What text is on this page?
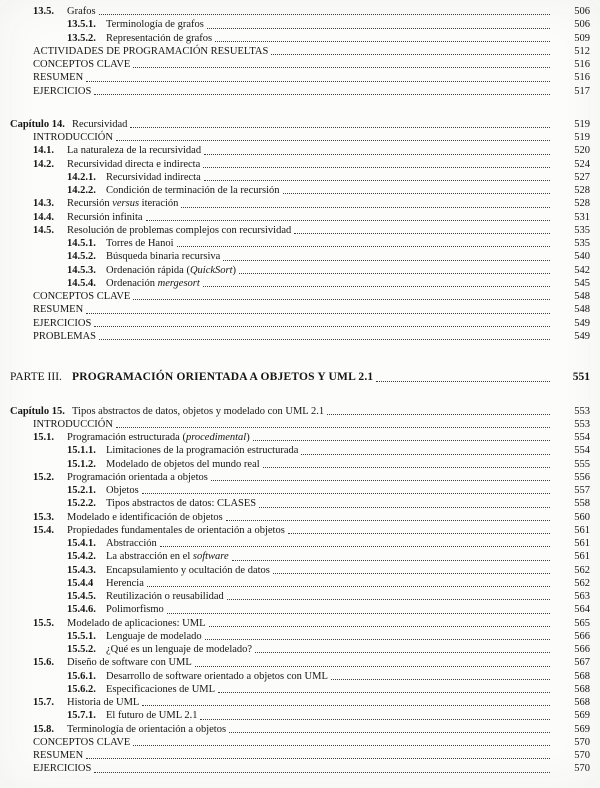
13.5.	Grafos	506
13.5.1. Terminología de grafos	506
13.5.2. Representación de grafos	509
ACTIVIDADES DE PROGRAMACIÓN RESUELTAS	512
CONCEPTOS CLAVE	516
RESUMEN	516
EJERCICIOS	517
Capítulo 14. Recursividad	519
INTRODUCCIÓN	519
14.1.	La naturaleza de la recursividad	520
14.2.	Recursividad directa e indirecta	524
14.2.1. Recursividad indirecta	527
14.2.2. Condición de terminación de la recursión	528
14.3.	Recursión versus iteración	528
14.4.	Recursión infinita	531
14.5.	Resolución de problemas complejos con recursividad	535
14.5.1. Torres de Hanoi	535
14.5.2. Búsqueda binaria recursiva	540
14.5.3. Ordenación rápida (QuickSort)	542
14.5.4. Ordenación mergesort	545
CONCEPTOS CLAVE	548
RESUMEN	548
EJERCICIOS	549
PROBLEMAS	549
PARTE III. PROGRAMACIÓN ORIENTADA A OBJETOS Y UML 2.1	551
Capítulo 15. Tipos abstractos de datos, objetos y modelado con UML 2.1	553
INTRODUCCIÓN	553
15.1.	Programación estructurada (procedimental)	554
15.1.1. Limitaciones de la programación estructurada	554
15.1.2. Modelado de objetos del mundo real	555
15.2.	Programación orientada a objetos	556
15.2.1. Objetos	557
15.2.2. Tipos abstractos de datos: CLASES	558
15.3.	Modelado e identificación de objetos	560
15.4.	Propiedades fundamentales de orientación a objetos	561
15.4.1. Abstracción	561
15.4.2. La abstracción en el software	561
15.4.3. Encapsulamiento y ocultación de datos	562
15.4.4	Herencia	562
15.4.5. Reutilización o reusabilidad	563
15.4.6. Polimorfismo	564
15.5.	Modelado de aplicaciones: UML	565
15.5.1. Lenguaje de modelado	566
15.5.2. ¿Qué es un lenguaje de modelado?	566
15.6.	Diseño de software con UML	567
15.6.1. Desarrollo de software orientado a objetos con UML	568
15.6.2. Especificaciones de UML	568
15.7.	Historia de UML	568
15.7.1. El futuro de UML 2.1	569
15.8.	Terminología de orientación a objetos	569
CONCEPTOS CLAVE	570
RESUMEN	570
EJERCICIOS	570
